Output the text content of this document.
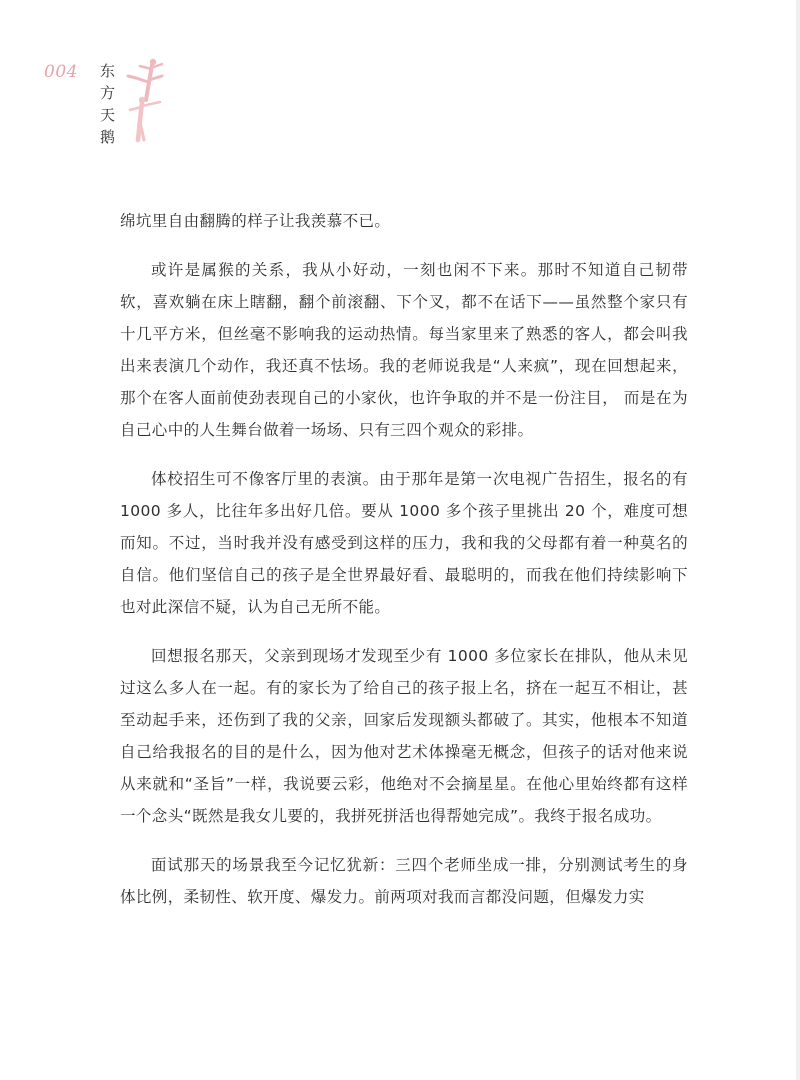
004 东方天鹅

绵坑里自由翻腾的样子让我羡慕不已。

或许是属猴的关系，我从小好动，一刻也闲不下来。那时不知道自己韧带软，喜欢躺在床上瞎翻，翻个前滚翻、下个叉，都不在话下——虽然整个家只有十几平方米，但丝毫不影响我的运动热情。每当家里来了熟悉的客人，都会叫我出来表演几个动作，我还真不怯场。我的老师说我是“人来疯”，现在回想起来，那个在客人面前使劲表现自己的小家伙，也许争取的并不是一份注目， 而是在为自己心中的人生舞台做着一场场、只有三四个观众的彩排。

体校招生可不像客厅里的表演。由于那年是第一次电视广告招生，报名的有 1000 多人，比往年多出好几倍。要从 1000 多个孩子里挑出 20 个，难度可想而知。不过，当时我并没有感受到这样的压力，我和我的父母都有着一种莫名的自信。他们坚信自己的孩子是全世界最好看、最聪明的，而我在他们持续影响下也对此深信不疑，认为自己无所不能。

回想报名那天，父亲到现场才发现至少有 1000 多位家长在排队，他从未见过这么多人在一起。有的家长为了给自己的孩子报上名，挤在一起互不相让，甚至动起手来，还伤到了我的父亲，回家后发现额头都破了。其实，他根本不知道自己给我报名的目的是什么，因为他对艺术体操毫无概念，但孩子的话对他来说从来就和“圣旨”一样，我说要云彩，他绝对不会摘星星。在他心里始终都有这样一个念头“既然是我女儿要的，我拼死拼活也得帮她完成”。我终于报名成功。

面试那天的场景我至今记忆犹新：三四个老师坐成一排，分别测试考生的身体比例，柔韧性、软开度、爆发力。前两项对我而言都没问题，但爆发力实
